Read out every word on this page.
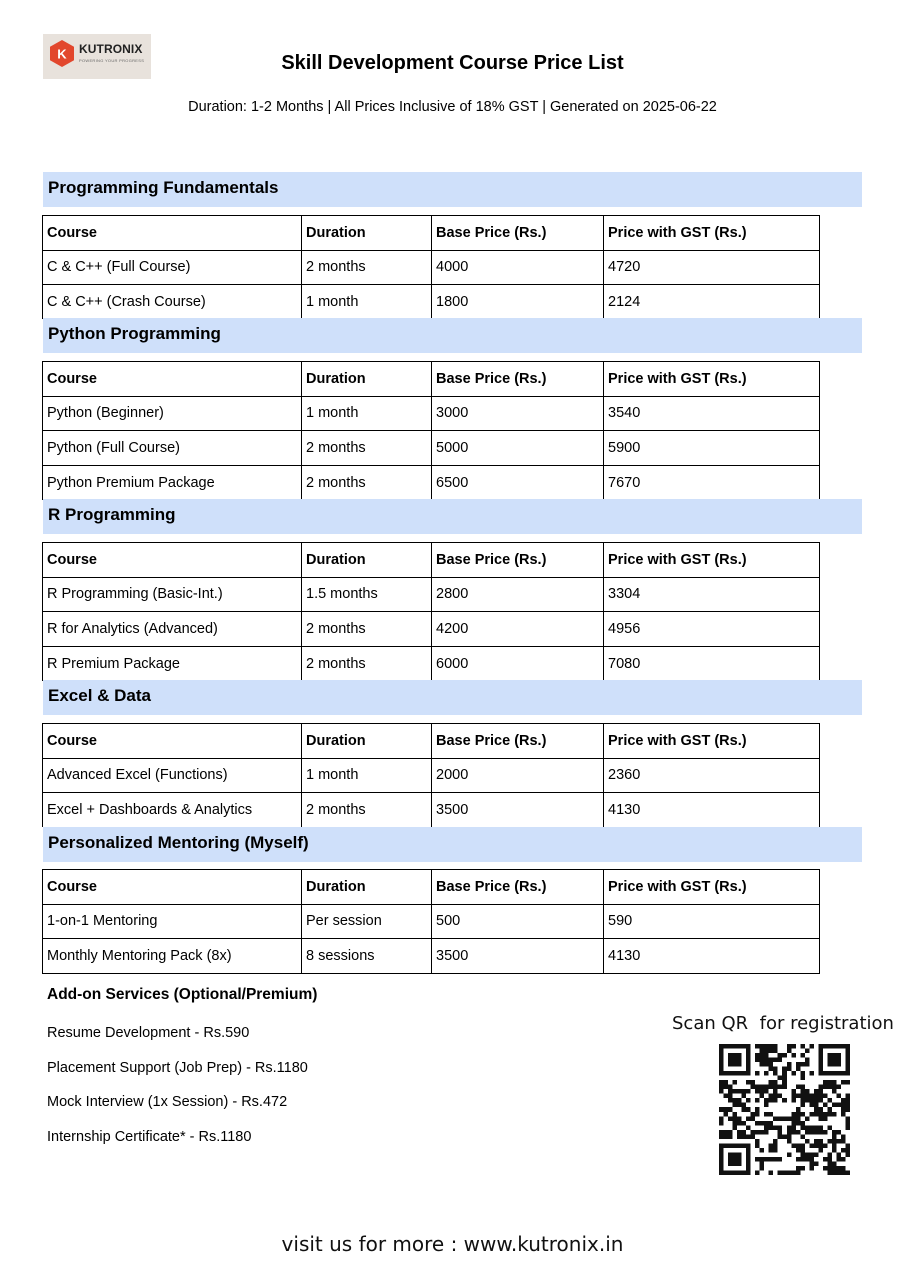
K KUTRONIX
POWERING YOUR PROGRESS	Skill Development Course Price List
Duration: 1-2 Months | All Prices Inclusive of 18% GST | Generated on 2025-06-22
Programming Fundamentals
Course	Duration	Base Price (Rs.)	Price with GST (Rs.)
C & C++ (Full Course)	2 months	4000	4720
C & C++ (Crash Course)	1 month	1800	2124
Python Programming
Course	Duration	Base Price (Rs.)	Price with GST (Rs.)
Python (Beginner)	1 month	3000	3540
Python (Full Course)	2 months	5000	5900
Python Premium Package	2 months	6500	7670
R Programming
Course	Duration	Base Price (Rs.)	Price with GST (Rs.)
R Programming (Basic-Int.)	1.5 months	2800	3304
R for Analytics (Advanced)	2 months	4200	4956
R Premium Package	2 months	6000	7080
Excel & Data
Course	Duration	Base Price (Rs.)	Price with GST (Rs.)
Advanced Excel (Functions)	1 month	2000	2360
Excel + Dashboards & Analytics	2 months	3500	4130
Personalized Mentoring (Myself)
Course	Duration	Base Price (Rs.)	Price with GST (Rs.)
1-on-1 Mentoring	Per session	500	590
Monthly Mentoring Pack (8x)	8 sessions	3500	4130
Add-on Services (Optional/Premium)
Resume Development - Rs.590
Placement Support (Job Prep) - Rs.1180
Mock Interview (1x Session) - Rs.472
Internship Certificate* - Rs.1180
Scan QR  for registration
visit us for more : www.kutronix.in
